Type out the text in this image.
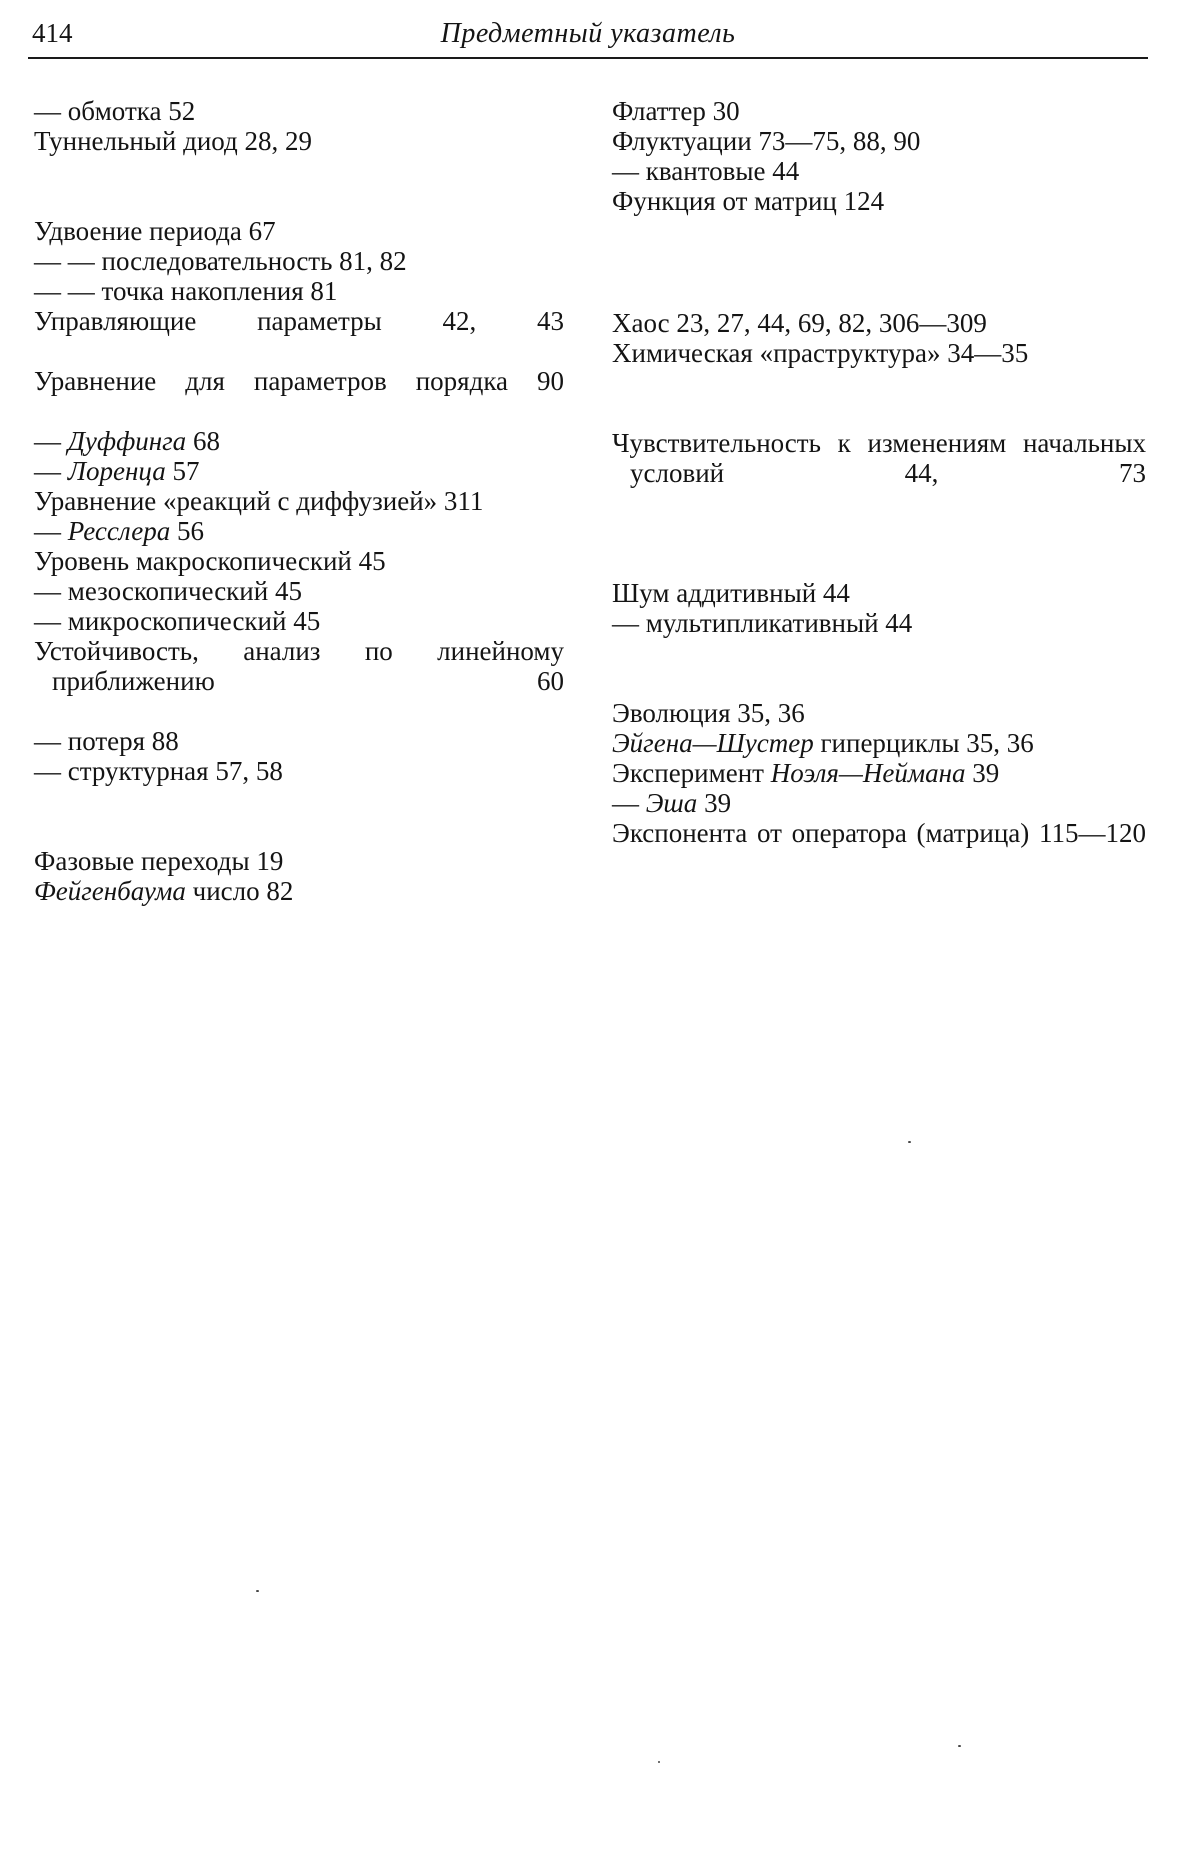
414	Предметный указатель

— обмотка 52

Туннельный диод 28, 29

Удвоение периода 67

— — последовательность 81, 82

— — точка накопления 81

Управляющие параметры 42, 43

Уравнение для параметров порядка 90

— Дуффинга 68

— Лоренца 57

Уравнение «реакций с диффузией» 311

— Ресслера 56

Уровень макроскопический 45

— мезоскопический 45

— микроскопический 45

Устойчивость, анализ по линейному приближению 60

— потеря 88

— структурная 57, 58

Фазовые переходы 19

Фейгенбаума число 82

Флаттер 30

Флуктуации 73—75, 88, 90

— квантовые 44

Функция от матриц 124

Хаос 23, 27, 44, 69, 82, 306—309

Химическая «праструктура» 34—35

Чувствительность к изменениям начальных условий 44, 73

Шум аддитивный 44

— мультипликативный 44

Эволюция 35, 36

Эйгена—Шустер гиперциклы 35, 36

Эксперимент Ноэля—Неймана 39

— Эша 39

Экспонента от оператора (матрица) 115—120
